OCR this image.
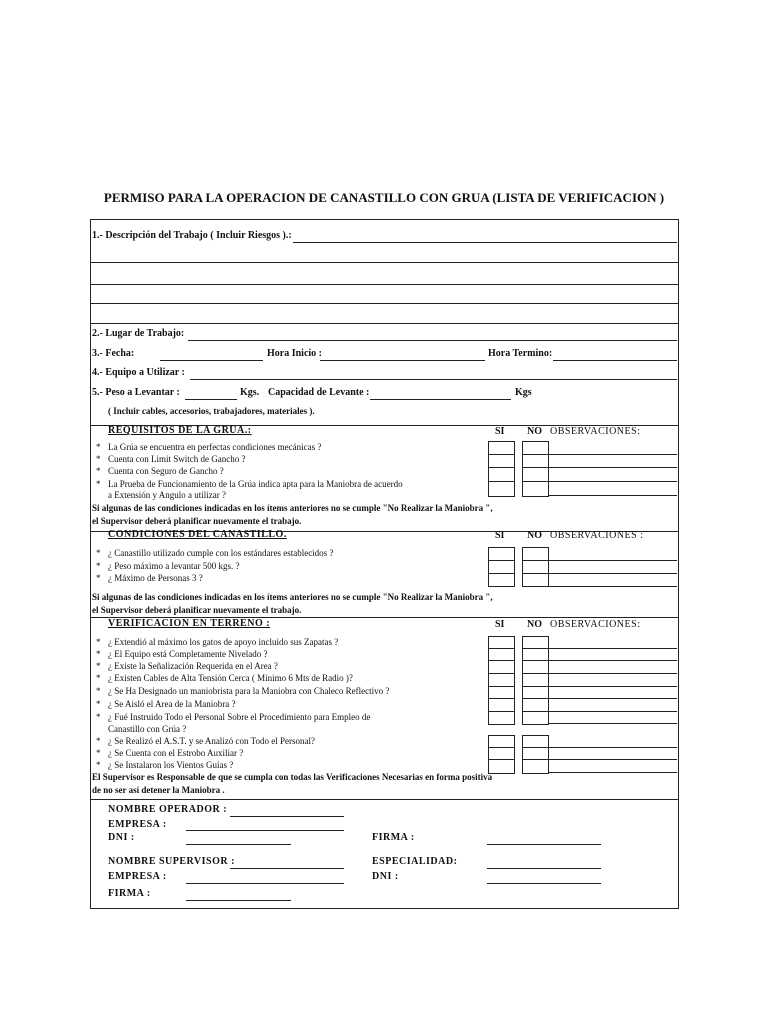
PERMISO PARA LA OPERACION DE CANASTILLO CON GRUA (LISTA DE VERIFICACION )
1.- Descripción del Trabajo ( Incluir Riesgos ).:
2.- Lugar de Trabajo:
3.- Fecha:	Hora Inicio :	Hora Termino:
4.- Equipo a Utilizar :
5.- Peso a Levantar :	Kgs. Capacidad de Levante :	Kgs
( Incluir cables, accesorios, trabajadores, materiales ).
REQUISITOS DE LA GRUA.:	SI NO OBSERVACIONES:
* La Grúa se encuentra en perfectas condiciones mecánicas ?
* Cuenta con Limit Switch de Gancho ?
* Cuenta con Seguro de Gancho ?
* La Prueba de Funcionamiento de la Grúa indica apta para la Maniobra de acuerdo
a Extensión y Angulo a utilizar ?
Si algunas de las condiciones indicadas en los ítems anteriores no se cumple "No Realizar la Maniobra ",
el Supervisor deberá planificar nuevamente el trabajo.
CONDICIONES DEL CANASTILLO.	SI NO OBSERVACIONES :
* ¿ Canastillo utilizado cumple con los estándares establecidos ?
* ¿ Peso máximo a levantar 500 kgs. ?
* ¿ Máximo de Personas 3 ?
Si algunas de las condiciones indicadas en los ítems anteriores no se cumple "No Realizar la Maniobra ",
el Supervisor deberá planificar nuevamente el trabajo.
VERIFICACION EN TERRENO :	SI NO OBSERVACIONES:
* ¿ Extendió al máximo los gatos de apoyo incluido sus Zapatas ?
* ¿ El Equipo está Completamente Nivelado ?
* ¿ Existe la Señalización Requerida en el Area ?
* ¿ Existen Cables de Alta Tensión Cerca ( Mínimo 6 Mts de Radio )?
* ¿ Se Ha Designado un maniobrista para la Maniobra con Chaleco Reflectivo ?
* ¿ Se Aisló el Area de la Maniobra ?
* ¿ Fué Instruido Todo el Personal Sobre el Procedimiento para Empleo de
Canastillo con Grúa ?
* ¿ Se Realizó el A.S.T. y se Analizó con Todo el Personal?
* ¿ Se Cuenta con el Estrobo Auxiliar ?
* ¿ Se Instalaron los Vientos Guías ?
El Supervisor es Responsable de que se cumpla con todas las Verificaciones Necesarias en forma positiva
de no ser así detener la Maniobra .
NOMBRE OPERADOR :
EMPRESA :
DNI :	FIRMA :
NOMBRE SUPERVISOR :	ESPECIALIDAD:
EMPRESA :	DNI :
FIRMA :
